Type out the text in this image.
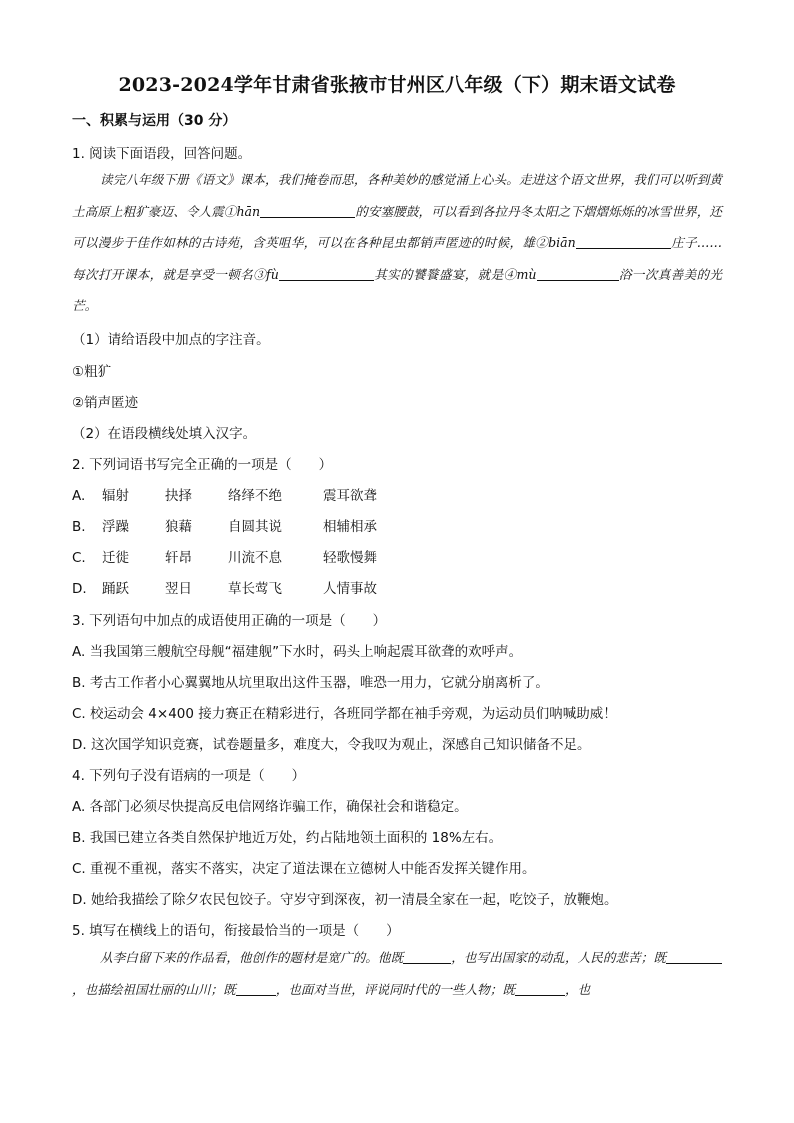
2023-2024学年甘肃省张掖市甘州区八年级（下）期末语文试卷
一、积累与运用（30 分）
1. 阅读下面语段，回答问题。
读完八年级下册《语文》课本，我们掩卷而思，各种美妙的感觉涌上心头。走进这个语文世界，我们可以听到黄土高原上粗犷豪迈、令人震①hān	的安塞腰鼓，可以看到各拉丹冬太阳之下熠熠烁烁的冰雪世界，还可以漫步于佳作如林的古诗苑，含英咀华，可以在各种昆虫都销声匿迹的时候，雄②biān	庄子……每次打开课本，就是享受一顿名③fù	其实的饕餮盛宴，就是④mù	浴一次真善美的光芒。
（1）请给语段中加点的字注音。
①粗犷
②销声匿迹
（2）在语段横线处填入汉字。
2. 下列词语书写完全正确的一项是（　　）
A. 辐射	抉择	络绎不绝	震耳欲聋
B. 浮躁	狼藉	自圆其说	相辅相承
C. 迁徙	轩昂	川流不息	轻歌慢舞
D. 踊跃	翌日	草长莺飞	人情事故
3. 下列语句中加点的成语使用正确的一项是（　　）
A. 当我国第三艘航空母舰“福建舰”下水时，码头上响起震耳欲聋的欢呼声。
B. 考古工作者小心翼翼地从坑里取出这件玉器，唯恐一用力，它就分崩离析了。
C. 校运动会 4×400 接力赛正在精彩进行，各班同学都在袖手旁观，为运动员们呐喊助威！
D. 这次国学知识竞赛，试卷题量多，难度大，令我叹为观止，深感自己知识储备不足。
4. 下列句子没有语病的一项是（　　）
A. 各部门必须尽快提高反电信网络诈骗工作，确保社会和谐稳定。
B. 我国已建立各类自然保护地近万处，约占陆地领土面积的 18%左右。
C. 重视不重视，落实不落实，决定了道法课在立德树人中能否发挥关键作用。
D. 她给我描绘了除夕农民包饺子。守岁守到深夜，初一清晨全家在一起，吃饺子，放鞭炮。
5. 填写在横线上的语句，衔接最恰当的一项是（　　）
从李白留下来的作品看，他创作的题材是宽广的。他既	，也写出国家的动乱，人民的悲苦；既，也描绘祖国壮丽的山川；既	，也面对当世，评说同时代的一些人物；既	，也
